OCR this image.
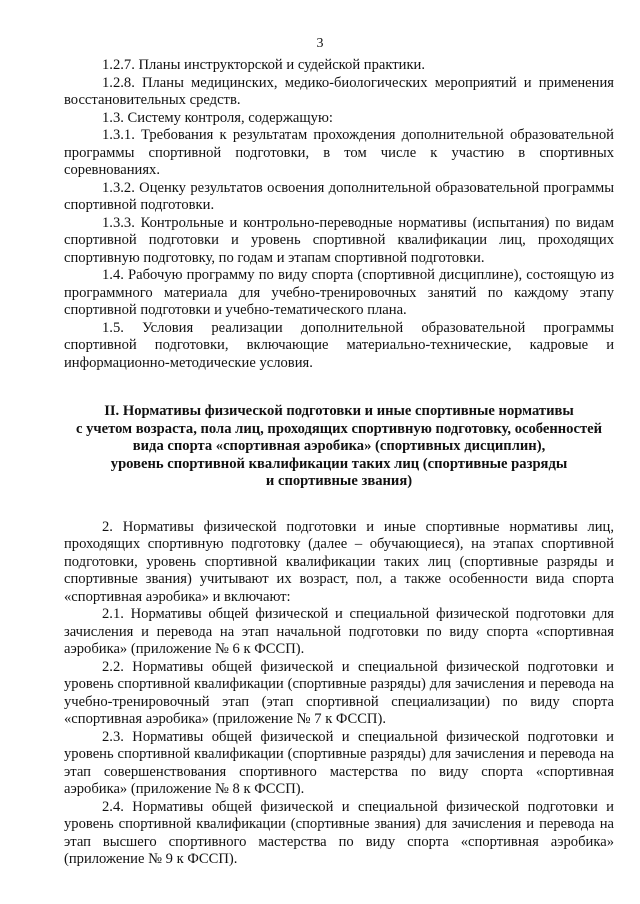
3

1.2.7. Планы инструкторской и судейской практики.

1.2.8. Планы медицинских, медико-биологических мероприятий и применения восстановительных средств.

1.3. Систему контроля, содержащую:

1.3.1. Требования к результатам прохождения дополнительной образовательной программы спортивной подготовки, в том числе к участию в спортивных соревнованиях.

1.3.2. Оценку результатов освоения дополнительной образовательной программы спортивной подготовки.

1.3.3. Контрольные и контрольно-переводные нормативы (испытания) по видам спортивной подготовки и уровень спортивной квалификации лиц, проходящих спортивную подготовку, по годам и этапам спортивной подготовки.

1.4. Рабочую программу по виду спорта (спортивной дисциплине), состоящую из программного материала для учебно-тренировочных занятий по каждому этапу спортивной подготовки и учебно-тематического плана.

1.5. Условия реализации дополнительной образовательной программы спортивной подготовки, включающие материально-технические, кадровые и информационно-методические условия.

II. Нормативы физической подготовки и иные спортивные нормативы

с учетом возраста, пола лиц, проходящих спортивную подготовку, особенностей

вида спорта «спортивная аэробика» (спортивных дисциплин),

уровень спортивной квалификации таких лиц (спортивные разряды

и спортивные звания)

2. Нормативы физической подготовки и иные спортивные нормативы лиц, проходящих спортивную подготовку (далее – обучающиеся), на этапах спортивной подготовки, уровень спортивной квалификации таких лиц (спортивные разряды и спортивные звания) учитывают их возраст, пол, а также особенности вида спорта «спортивная аэробика» и включают:

2.1. Нормативы общей физической и специальной физической подготовки для зачисления и перевода на этап начальной подготовки по виду спорта «спортивная аэробика» (приложение № 6 к ФССП).

2.2. Нормативы общей физической и специальной физической подготовки и уровень спортивной квалификации (спортивные разряды) для зачисления и перевода на учебно-тренировочный этап (этап спортивной специализации) по виду спорта «спортивная аэробика» (приложение № 7 к ФССП).

2.3. Нормативы общей физической и специальной физической подготовки и уровень спортивной квалификации (спортивные разряды) для зачисления и перевода на этап совершенствования спортивного мастерства по виду спорта «спортивная аэробика» (приложение № 8 к ФССП).

2.4. Нормативы общей физической и специальной физической подготовки и уровень спортивной квалификации (спортивные звания) для зачисления и перевода на этап высшего спортивного мастерства по виду спорта «спортивная аэробика» (приложение № 9 к ФССП).
